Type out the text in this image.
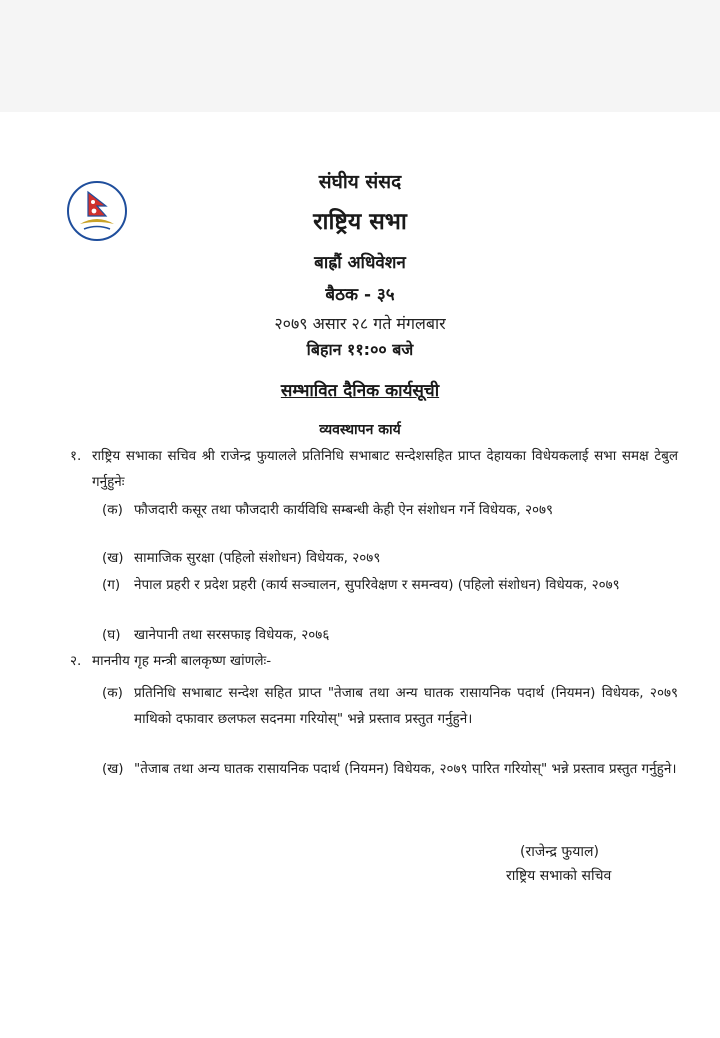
संघीय संसद
राष्ट्रिय सभा
बाह्रौं अधिवेशन
बैठक - ३५
२०७९ असार २८ गते मंगलबार
बिहान ११:०० बजे
सम्भावित दैनिक कार्यसूची
व्यवस्थापन कार्य
१. राष्ट्रिय सभाका सचिव श्री राजेन्द्र फुयालले प्रतिनिधि सभाबाट सन्देशसहित प्राप्त देहायका विधेयकलाई सभा समक्ष टेबुल गर्नुहुनेः
(क) फौजदारी कसूर तथा फौजदारी कार्यविधि सम्बन्धी केही ऐन संशोधन गर्ने विधेयक, २०७९
(ख) सामाजिक सुरक्षा (पहिलो संशोधन) विधेयक, २०७९
(ग) नेपाल प्रहरी र प्रदेश प्रहरी (कार्य सञ्चालन, सुपरिवेक्षण र समन्वय) (पहिलो संशोधन) विधेयक, २०७९
(घ) खानेपानी तथा सरसफाइ विधेयक, २०७६
२. माननीय गृह मन्त्री बालकृष्ण खांणलेः-
(क) प्रतिनिधि सभाबाट सन्देश सहित प्राप्त "तेजाब तथा अन्य घातक रासायनिक पदार्थ (नियमन) विधेयक, २०७९ माथिको दफावार छलफल सदनमा गरियोस्" भन्ने प्रस्ताव प्रस्तुत गर्नुहुने।
(ख) "तेजाब तथा अन्य घातक रासायनिक पदार्थ (नियमन) विधेयक, २०७९ पारित गरियोस्" भन्ने प्रस्ताव प्रस्तुत गर्नुहुने।
(राजेन्द्र फुयाल)
राष्ट्रिय सभाको सचिव
